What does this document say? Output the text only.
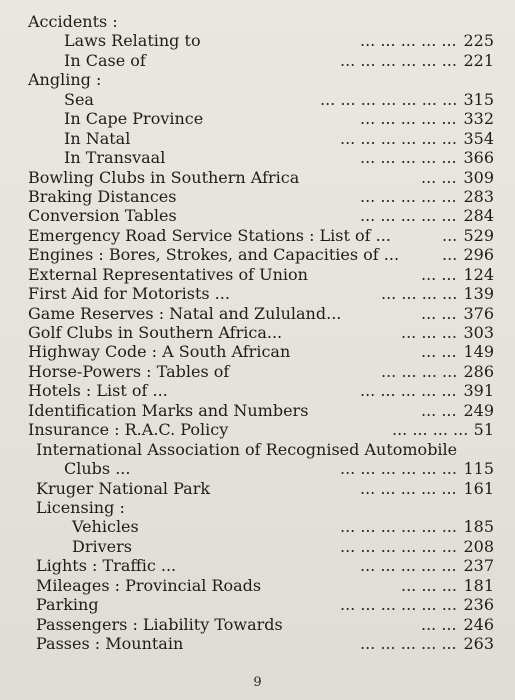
Accidents :
Laws Relating to	... ... ... ... ... 225
In Case of	... ... ... ... ... ... 221
Angling :
Sea	... ... ... ... ... ... ... 315
In Cape Province	... ... ... ... ... 332
In Natal	... ... ... ... ... ... 354
In Transvaal	... ... ... ... ... 366
Bowling Clubs in Southern Africa	... ... 309
Braking Distances	... ... ... ... ... 283
Conversion Tables	... ... ... ... ... 284
Emergency Road Service Stations : List of ...	... 529
Engines : Bores, Strokes, and Capacities of ...	... 296
External Representatives of Union	... ... 124
First Aid for Motorists ...	... ... ... ... 139
Game Reserves : Natal and Zululand...	... ... 376
Golf Clubs in Southern Africa...	... ... ... 303
Highway Code : A South African	... ... 149
Horse-Powers : Tables of	... ... ... ... 286
Hotels : List of ...	... ... ... ... ... 391
Identification Marks and Numbers	... ... 249
Insurance : R.A.C. Policy	... ... ... ... 51
International Association of Recognised Automobile
Clubs ...	... ... ... ... ... ... 115
Kruger National Park	... ... ... ... ... 161
Licensing :
Vehicles	... ... ... ... ... ... 185
Drivers	... ... ... ... ... ... 208
Lights : Traffic ...	... ... ... ... ... 237
Mileages : Provincial Roads	... ... ... 181
Parking	... ... ... ... ... ... 236
Passengers : Liability Towards	... ... 246
Passes : Mountain	... ... ... ... ... 263
9
